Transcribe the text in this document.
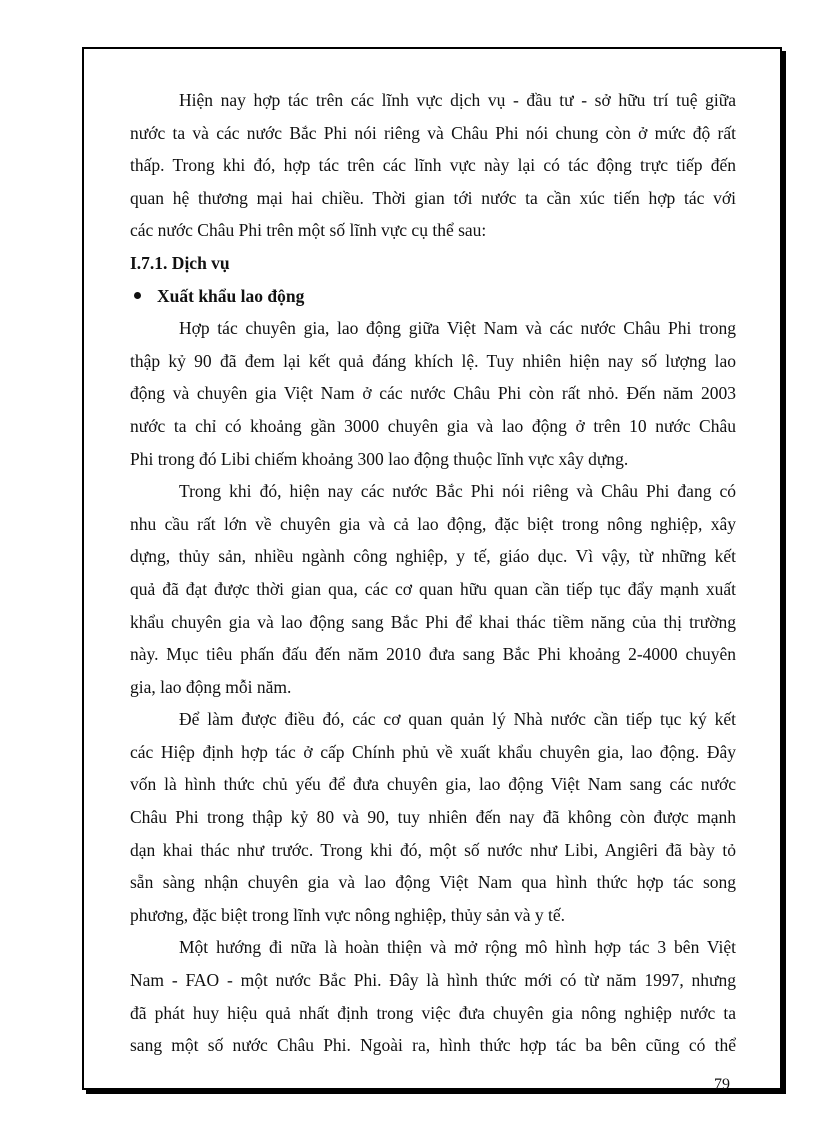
Hiện nay hợp tác trên các lĩnh vực dịch vụ - đầu tư - sở hữu trí tuệ giữa
nước ta và các nước Bắc Phi nói riêng và Châu Phi nói chung còn ở mức độ rất
thấp. Trong khi đó, hợp tác trên các lĩnh vực này lại có tác động trực tiếp đến
quan hệ thương mại hai chiều. Thời gian tới nước ta cần xúc tiến hợp tác với
các nước Châu Phi trên một số lĩnh vực cụ thể sau:
I.7.1. Dịch vụ
Xuất khẩu lao động
Hợp tác chuyên gia, lao động giữa Việt Nam và các nước Châu Phi trong
thập kỷ 90 đã đem lại kết quả đáng khích lệ. Tuy nhiên hiện nay số lượng lao
động và chuyên gia Việt Nam ở các nước Châu Phi còn rất nhỏ. Đến năm 2003
nước ta chỉ có khoảng gần 3000 chuyên gia và lao động ở trên 10 nước Châu
Phi trong đó Libi chiếm khoảng 300 lao động thuộc lĩnh vực xây dựng.
Trong khi đó, hiện nay các nước Bắc Phi nói riêng và Châu Phi đang có
nhu cầu rất lớn về chuyên gia và cả lao động, đặc biệt trong nông nghiệp, xây
dựng, thủy sản, nhiều ngành công nghiệp, y tế, giáo dục. Vì vậy, từ những kết
quả đã đạt được thời gian qua, các cơ quan hữu quan cần tiếp tục đẩy mạnh xuất
khẩu chuyên gia và lao động sang Bắc Phi để khai thác tiềm năng của thị trường
này. Mục tiêu phấn đấu đến năm 2010 đưa sang Bắc Phi khoảng 2-4000 chuyên
gia, lao động mỗi năm.
Để làm được điều đó, các cơ quan quản lý Nhà nước cần tiếp tục ký kết
các Hiệp định hợp tác ở cấp Chính phủ về xuất khẩu chuyên gia, lao động. Đây
vốn là hình thức chủ yếu để đưa chuyên gia, lao động Việt Nam sang các nước
Châu Phi trong thập kỷ 80 và 90, tuy nhiên đến nay đã không còn được mạnh
dạn khai thác như trước. Trong khi đó, một số nước như Libi, Angiêri đã bày tỏ
sẵn sàng nhận chuyên gia và lao động Việt Nam qua hình thức hợp tác song
phương, đặc biệt trong lĩnh vực nông nghiệp, thủy sản và y tế.
Một hướng đi nữa là hoàn thiện và mở rộng mô hình hợp tác 3 bên Việt
Nam - FAO - một nước Bắc Phi. Đây là hình thức mới có từ năm 1997, nhưng
đã phát huy hiệu quả nhất định trong việc đưa chuyên gia nông nghiệp nước ta
sang một số nước Châu Phi. Ngoài ra, hình thức hợp tác ba bên cũng có thể
79
